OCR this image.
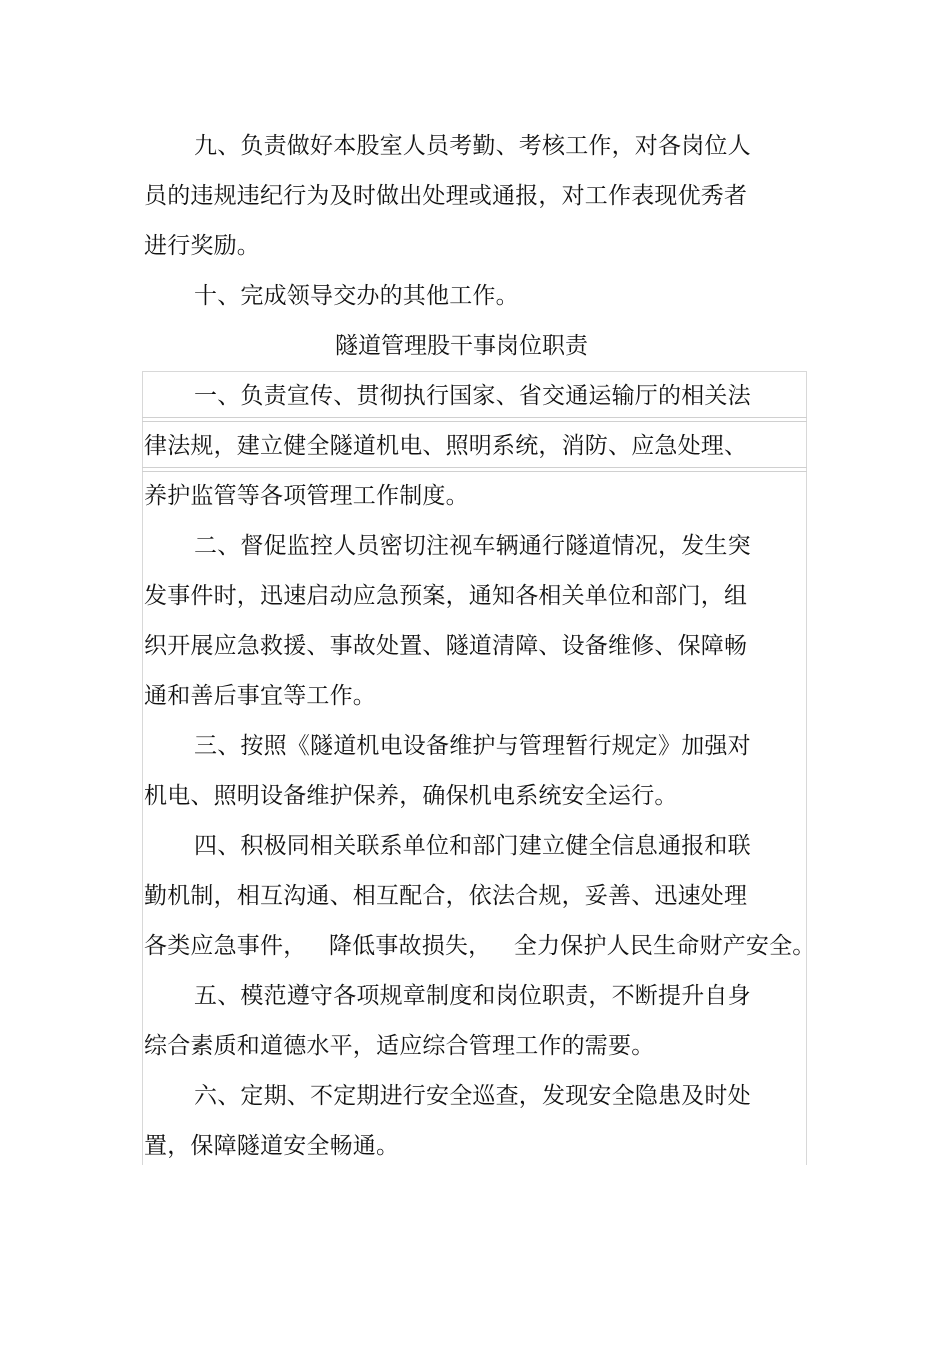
九、负责做好本股室人员考勤、考核工作，对各岗位人
员的违规违纪行为及时做出处理或通报，对工作表现优秀者
进行奖励。
十、完成领导交办的其他工作。
隧道管理股干事岗位职责
一、负责宣传、贯彻执行国家、省交通运输厅的相关法
律法规，建立健全隧道机电、照明系统，消防、应急处理、
养护监管等各项管理工作制度。
二、督促监控人员密切注视车辆通行隧道情况，发生突
发事件时，迅速启动应急预案，通知各相关单位和部门，组
织开展应急救援、事故处置、隧道清障、设备维修、保障畅
通和善后事宜等工作。
三、按照《隧道机电设备维护与管理暂行规定》加强对
机电、照明设备维护保养，确保机电系统安全运行。
四、积极同相关联系单位和部门建立健全信息通报和联
勤机制，相互沟通、相互配合，依法合规，妥善、迅速处理
各类应急事件，   降低事故损失，   全力保护人民生命财产安全。
五、模范遵守各项规章制度和岗位职责，不断提升自身
综合素质和道德水平，适应综合管理工作的需要。
六、定期、不定期进行安全巡查，发现安全隐患及时处
置，保障隧道安全畅通。
